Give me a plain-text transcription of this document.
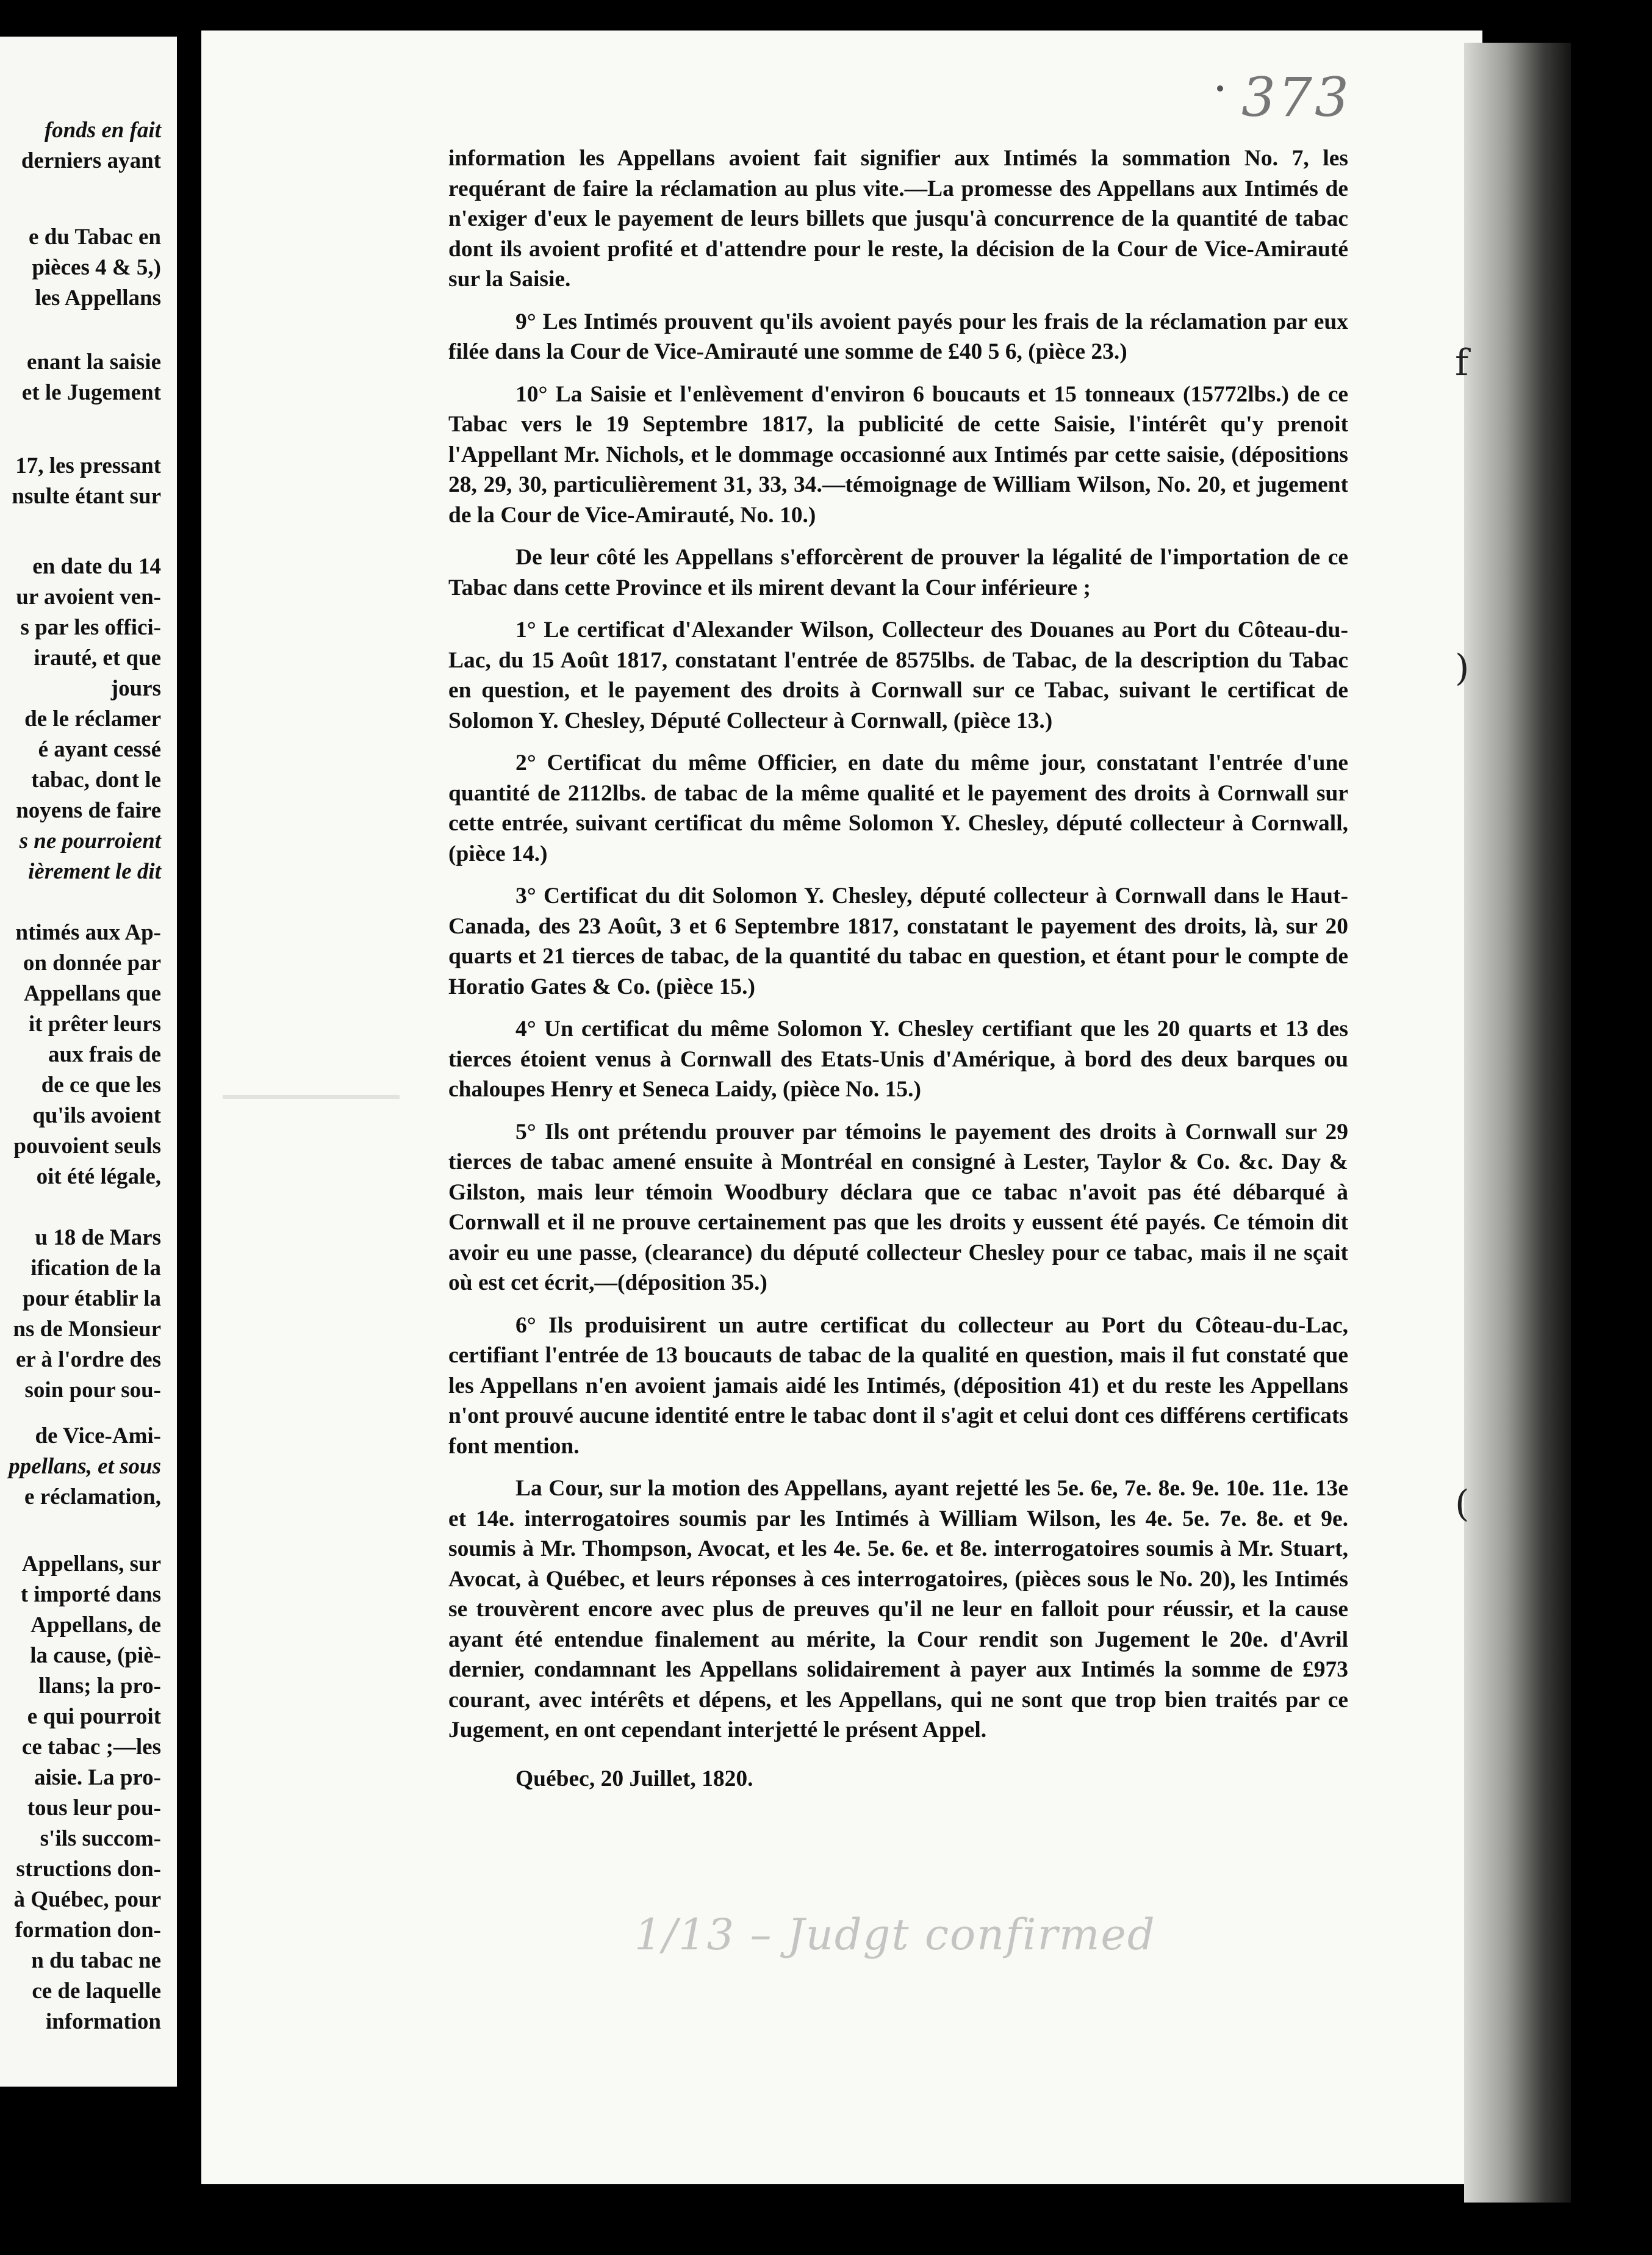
fonds en fait
derniers ayant
e du Tabac en
pièces 4 & 5,)
les Appellans
enant la saisie
et le Jugement
17, les pressant
nsulte étant sur
en date du 14
ur avoient ven-
s par les offici-
irauté, et que
jours
de le réclamer
é ayant cessé
tabac, dont le
noyens de faire
s ne pourroient
ièrement le dit
ntimés aux Ap-
on donnée par
Appellans que
it prêter leurs
aux frais de
de ce que les
qu'ils avoient
pouvoient seuls
oit été légale,
u 18 de Mars
ification de la
pour établir la
ns de Monsieur
er à l'ordre des
soin pour sou-
de Vice-Ami-
ppellans, et sous
e réclamation,
Appellans, sur
t importé dans
Appellans, de
la cause, (piè-
llans; la pro-
e qui pourroit
ce tabac ;—les
aisie. La pro-
tous leur pou-
s'ils succom-
structions don-
à Québec, pour
formation don-
n du tabac ne
ce de laquelle
information
f
)
(
373

information les Appellans avoient fait signifier aux Intimés la sommation No. 7, les requérant de faire la réclamation au plus vite.—La promesse des Appellans aux Intimés de n'exiger d'eux le payement de leurs billets que jusqu'à concurrence de la quantité de tabac dont ils avoient profité et d'attendre pour le reste, la décision de la Cour de Vice-Amirauté sur la Saisie.

9° Les Intimés prouvent qu'ils avoient payés pour les frais de la réclamation par eux filée dans la Cour de Vice-Amirauté une somme de £40 5 6, (pièce 23.)

10° La Saisie et l'enlèvement d'environ 6 boucauts et 15 tonneaux (15772lbs.) de ce Tabac vers le 19 Septembre 1817, la publicité de cette Saisie, l'intérêt qu'y prenoit l'Appellant Mr. Nichols, et le dommage occasionné aux Intimés par cette saisie, (dépositions 28, 29, 30, particulièrement 31, 33, 34.—témoignage de William Wilson, No. 20, et jugement de la Cour de Vice-Amirauté, No. 10.)

De leur côté les Appellans s'efforcèrent de prouver la légalité de l'importation de ce Tabac dans cette Province et ils mirent devant la Cour inférieure ;

1° Le certificat d'Alexander Wilson, Collecteur des Douanes au Port du Côteau-du-Lac, du 15 Août 1817, constatant l'entrée de 8575lbs. de Tabac, de la description du Tabac en question, et le payement des droits à Cornwall sur ce Tabac, suivant le certificat de Solomon Y. Chesley, Député Collecteur à Cornwall, (pièce 13.)

2° Certificat du même Officier, en date du même jour, constatant l'entrée d'une quantité de 2112lbs. de tabac de la même qualité et le payement des droits à Cornwall sur cette entrée, suivant certificat du même Solomon Y. Chesley, député collecteur à Cornwall, (pièce 14.)

3° Certificat du dit Solomon Y. Chesley, député collecteur à Cornwall dans le Haut-Canada, des 23 Août, 3 et 6 Septembre 1817, constatant le payement des droits, là, sur 20 quarts et 21 tierces de tabac, de la quantité du tabac en question, et étant pour le compte de Horatio Gates & Co. (pièce 15.)

4° Un certificat du même Solomon Y. Chesley certifiant que les 20 quarts et 13 des tierces étoient venus à Cornwall des Etats-Unis d'Amérique, à bord des deux barques ou chaloupes Henry et Seneca Laidy, (pièce No. 15.)

5° Ils ont prétendu prouver par témoins le payement des droits à Cornwall sur 29 tierces de tabac amené ensuite à Montréal en consigné à Lester, Taylor & Co. &c. Day & Gilston, mais leur témoin Woodbury déclara que ce tabac n'avoit pas été débarqué à Cornwall et il ne prouve certainement pas que les droits y eussent été payés. Ce témoin dit avoir eu une passe, (clearance) du député collecteur Chesley pour ce tabac, mais il ne sçait où est cet écrit,—(déposition 35.)

6° Ils produisirent un autre certificat du collecteur au Port du Côteau-du-Lac, certifiant l'entrée de 13 boucauts de tabac de la qualité en question, mais il fut constaté que les Appellans n'en avoient jamais aidé les Intimés, (déposition 41) et du reste les Appellans n'ont prouvé aucune identité entre le tabac dont il s'agit et celui dont ces différens certificats font mention.

La Cour, sur la motion des Appellans, ayant rejetté les 5e. 6e, 7e. 8e. 9e. 10e. 11e. 13e et 14e. interrogatoires soumis par les Intimés à William Wilson, les 4e. 5e. 7e. 8e. et 9e. soumis à Mr. Thompson, Avocat, et les 4e. 5e. 6e. et 8e. interrogatoires soumis à Mr. Stuart, Avocat, à Québec, et leurs réponses à ces interrogatoires, (pièces sous le No. 20), les Intimés se trouvèrent encore avec plus de preuves qu'il ne leur en falloit pour réussir, et la cause ayant été entendue finalement au mérite, la Cour rendit son Jugement le 20e. d'Avril dernier, condamnant les Appellans solidairement à payer aux Intimés la somme de £973 courant, avec intérêts et dépens, et les Appellans, qui ne sont que trop bien traités par ce Jugement, en ont cependant interjetté le présent Appel.

Québec, 20 Juillet, 1820.
1/13 – Judgt confirmed
